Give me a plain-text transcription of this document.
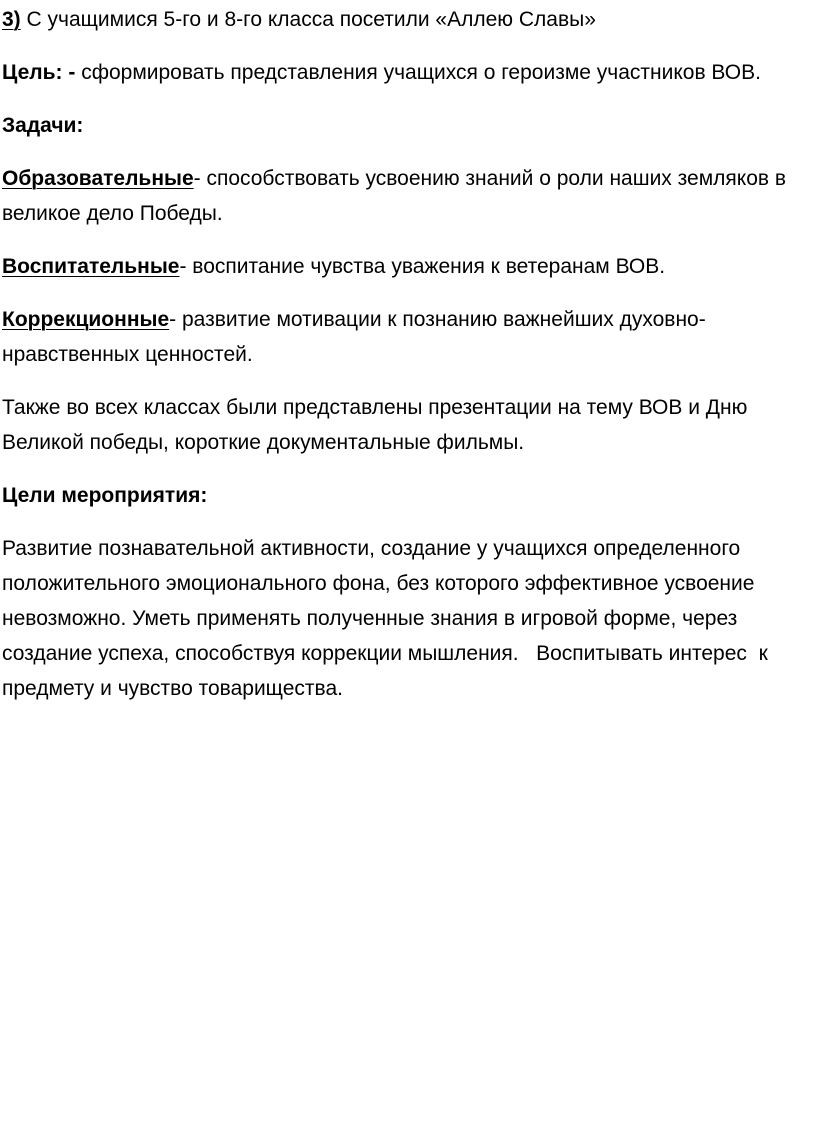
3) С учащимися 5-го и 8-го класса посетили «Аллею Славы»

Цель: - сформировать представления учащихся о героизме участников ВОВ.

Задачи:

Образовательные- способствовать усвоению знаний о роли наших земляков в великое дело Победы.

Воспитательные- воспитание чувства уважения к ветеранам ВОВ.

Коррекционные- развитие мотивации к познанию важнейших духовно-нравственных ценностей.

Также во всех классах были представлены презентации на тему ВОВ и Дню Великой победы, короткие документальные фильмы.

Цели мероприятия:

Развитие познавательной активности, создание у учащихся определенного положительного эмоционального фона, без которого эффективное усвоение невозможно. Уметь применять полученные знания в игровой форме, через создание успеха, способствуя коррекции мышления.   Воспитывать интерес  к предмету и чувство товарищества.
